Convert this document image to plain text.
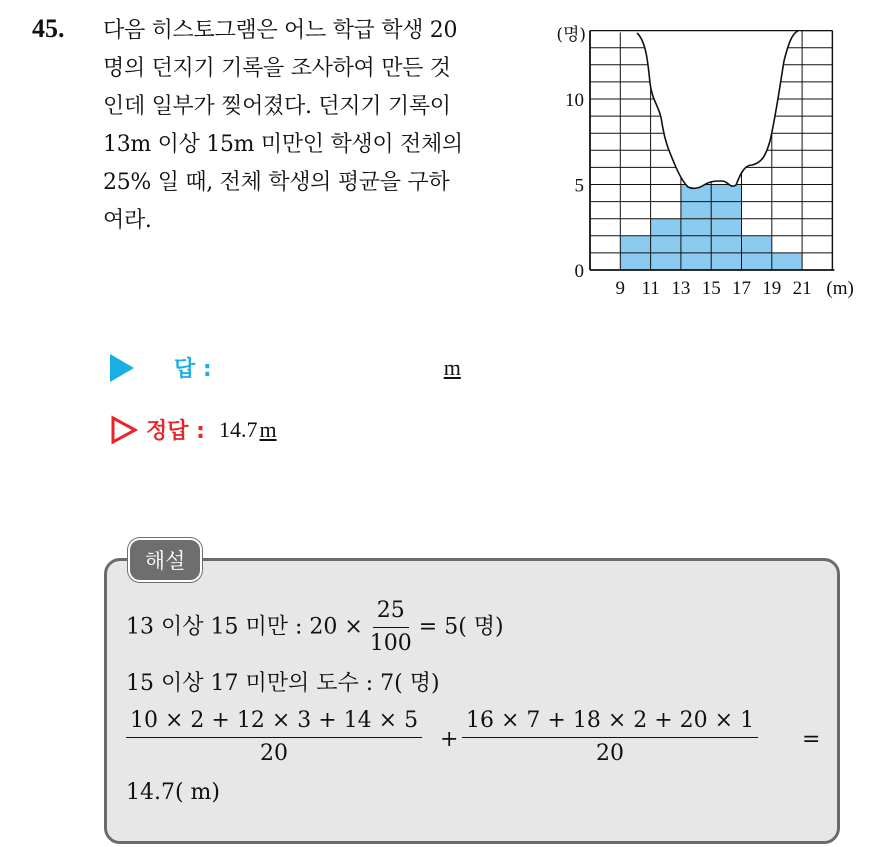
45. 다음 히스토그램은 어느 학급 학생 20
명의 던지기 기록을 조사하여 만든 것
인데 일부가 찢어졌다. 던지기 기록이
13m 이상 15m 미만인 학생이 전체의
25% 일 때, 전체 학생의 평균을 구하
여라.
9 11 13 15 17 19 21 (m)
0
5
10
(명)
답 :	m
정답 : 14.7 m
해설
13 이상 15 미만 : $20 \times \frac{25}{100} = 5$( 명)
15 이상 17 미만의 도수 : 7( 명)
$\frac{10 \times 2 + 12 \times 3 + 14 \times 5}{20} + \frac{16 \times 7 + 18 \times 2 + 20 \times 1}{20}$ =
14.7( m)
